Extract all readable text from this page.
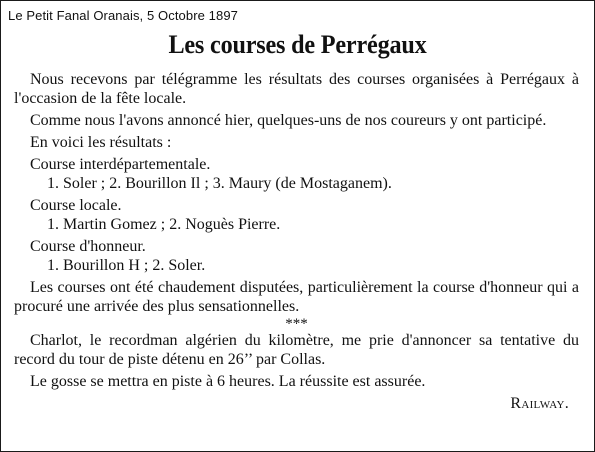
Le Petit Fanal Oranais, 5 Octobre 1897
Les courses de Perrégaux

Nous recevons par télégramme les résultats des courses organisées à Perrégaux à l'occasion de la fête locale.

Comme nous l'avons annoncé hier, quelques-uns de nos coureurs y ont participé.

En voici les résultats :

Course interdépartementale.

1. Soler ; 2. Bourillon Il ; 3. Maury (de Mostaganem).

Course locale.

1. Martin Gomez ; 2. Noguès Pierre.

Course d'honneur.

1. Bourillon H ; 2. Soler.

Les courses ont été chaudement disputées, particulièrement la course d'honneur qui a procuré une arrivée des plus sensationnelles.

***

Charlot, le recordman algérien du kilomètre, me prie d'annoncer sa tentative du record du tour de piste détenu en 26’’ par Collas.

Le gosse se mettra en piste à 6 heures. La réussite est assurée.

Railway.
